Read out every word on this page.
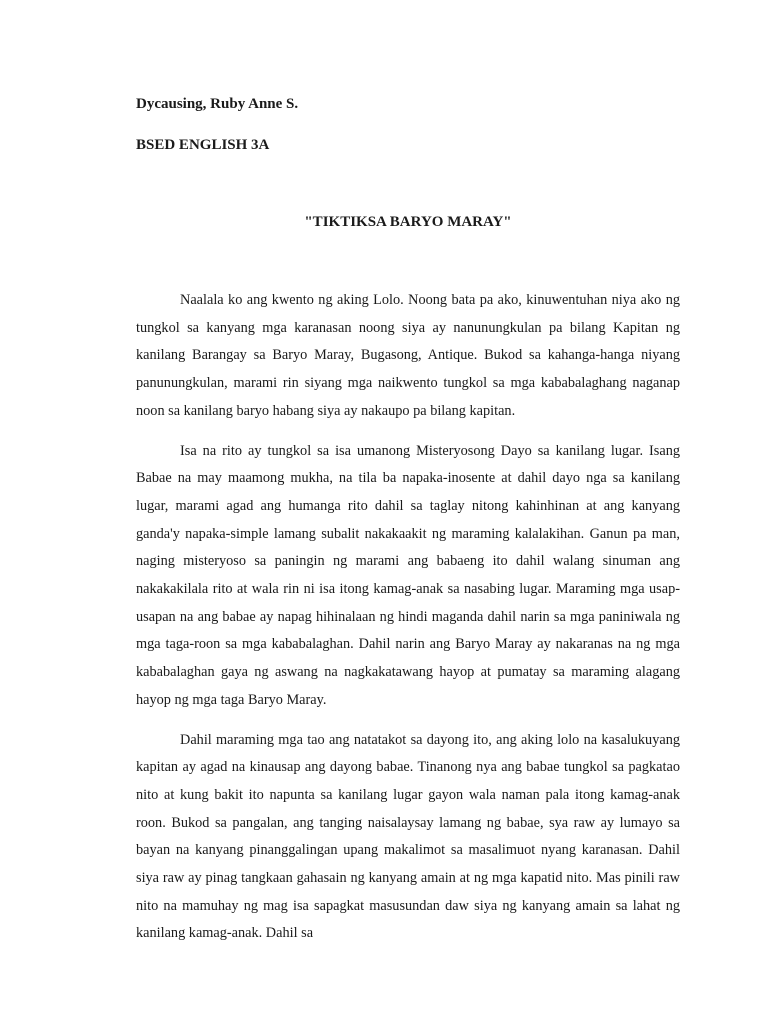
Dycausing, Ruby Anne S.

BSED ENGLISH 3A

"TIKTIKSA BARYO MARAY"

Naalala ko ang kwento ng aking Lolo. Noong bata pa ako, kinuwentuhan niya ako ng tungkol sa kanyang mga karanasan noong siya ay nanunungkulan pa bilang Kapitan ng kanilang Barangay sa Baryo Maray, Bugasong, Antique. Bukod sa kahanga-hanga niyang panunungkulan, marami rin siyang mga naikwento tungkol sa mga kababalaghang naganap noon sa kanilang baryo habang siya ay nakaupo pa bilang kapitan.

Isa na rito ay tungkol sa isa umanong Misteryosong Dayo sa kanilang lugar. Isang Babae na may maamong mukha, na tila ba napaka-inosente at dahil dayo nga sa kanilang lugar, marami agad ang humanga rito dahil sa taglay nitong kahinhinan at ang kanyang ganda'y napaka-simple lamang subalit nakakaakit ng maraming kalalakihan. Ganun pa man, naging misteryoso sa paningin ng marami ang babaeng ito dahil walang sinuman ang nakakakilala rito at wala rin ni isa itong kamag-anak sa nasabing lugar. Maraming mga usap- usapan na ang babae ay napag hihinalaan ng hindi maganda dahil narin sa mga paniniwala ng mga taga-roon sa mga kababalaghan. Dahil narin ang Baryo Maray ay nakaranas na ng mga kababalaghan gaya ng aswang na nagkakatawang hayop at pumatay sa maraming alagang hayop ng mga taga Baryo Maray.

Dahil maraming mga tao ang natatakot sa dayong ito, ang aking lolo na kasalukuyang kapitan ay agad na kinausap ang dayong babae. Tinanong nya ang babae tungkol sa pagkatao nito at kung bakit ito napunta sa kanilang lugar gayon wala naman pala itong kamag-anak roon. Bukod sa pangalan, ang tanging naisalaysay lamang ng babae, sya raw ay lumayo sa bayan na kanyang pinanggalingan upang makalimot sa masalimuot nyang karanasan. Dahil siya raw ay pinag tangkaan gahasain ng kanyang amain at ng mga kapatid nito. Mas pinili raw nito na mamuhay ng mag isa sapagkat masusundan daw siya ng kanyang amain sa lahat ng kanilang kamag-anak. Dahil sa
